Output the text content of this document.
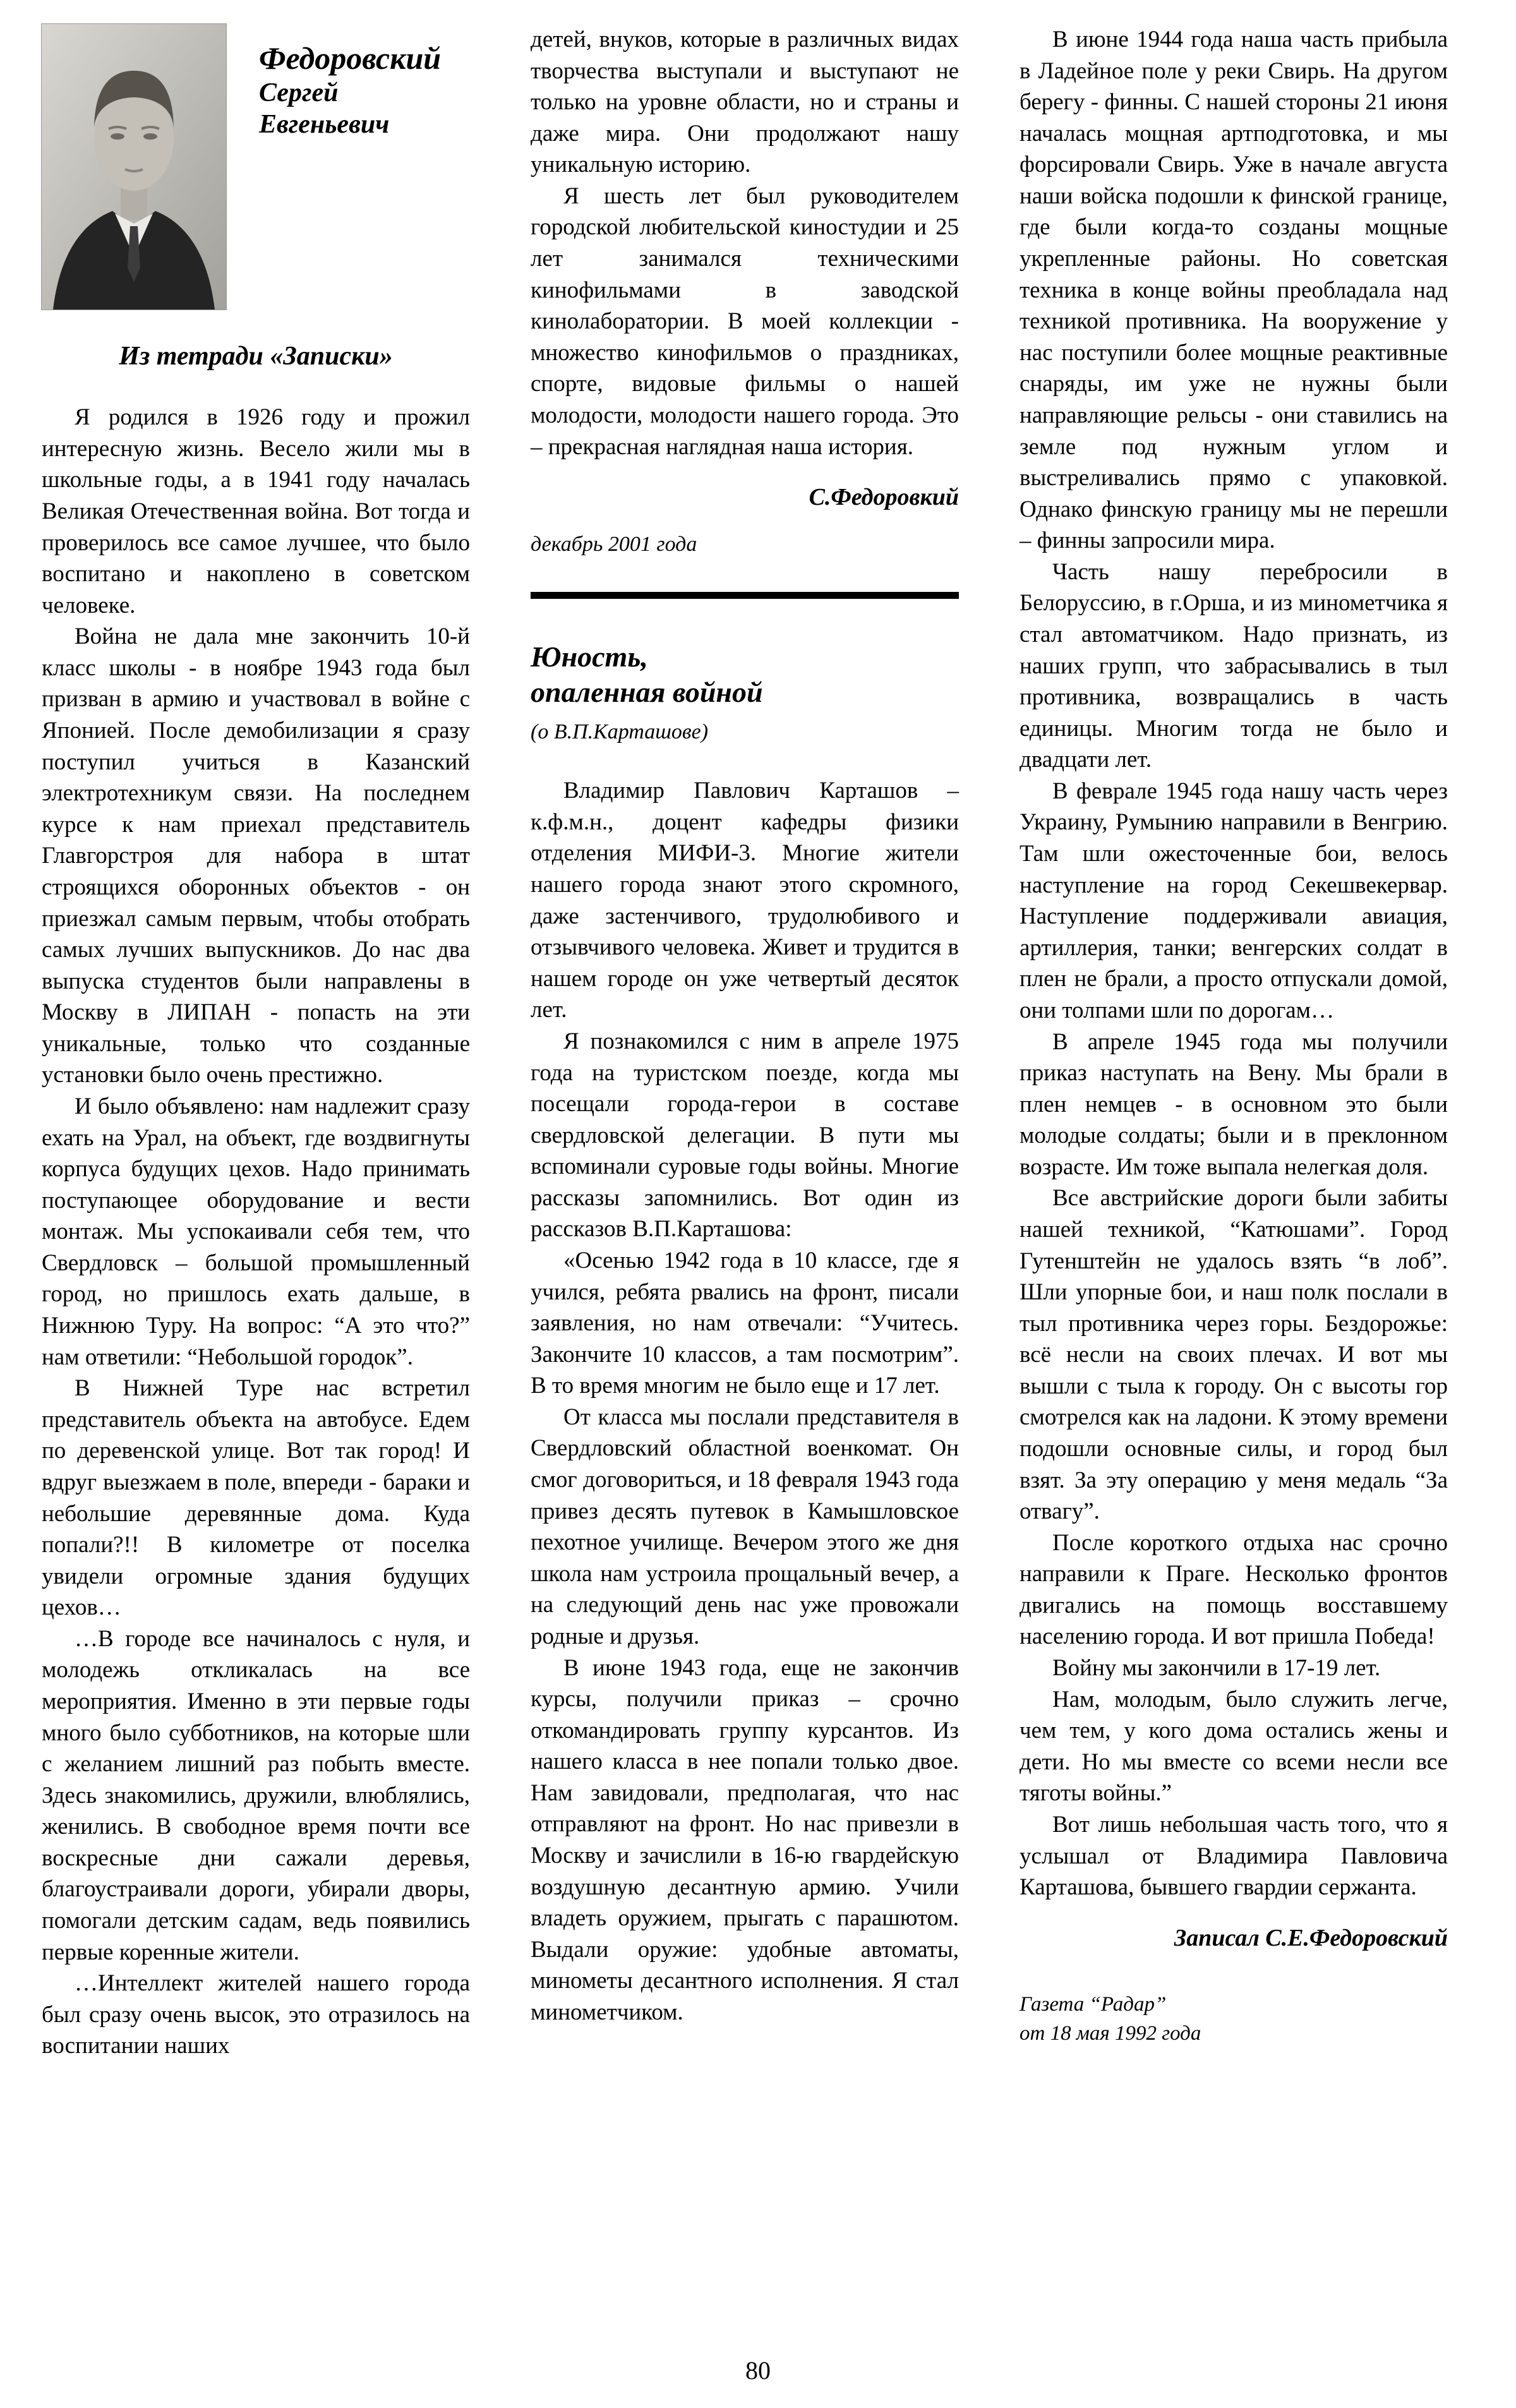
Федоровский
Сергей
Евгеньевич
Из тетради «Записки»

Я родился в 1926 году и прожил интересную жизнь. Весело жили мы в школьные годы, а в 1941 году началась Великая Отечественная война. Вот тогда и проверилось все самое лучшее, что было воспитано и накоплено в советском человеке.

Война не дала мне закончить 10-й класс школы - в ноябре 1943 года был призван в армию и участвовал в войне с Японией. После демобилизации я сразу поступил учиться в Казанский электротехникум связи. На последнем курсе к нам приехал представитель Главгорстроя для набора в штат строящихся оборонных объектов - он приезжал самым первым, чтобы отобрать самых лучших выпускников. До нас два выпуска студентов были направлены в Москву в ЛИПАН - попасть на эти уникальные, только что созданные установки было очень престижно.

И было объявлено: нам надлежит сразу ехать на Урал, на объект, где воздвигнуты корпуса будущих цехов. Надо принимать поступающее оборудование и вести монтаж. Мы успокаивали себя тем, что Свердловск – большой промышленный город, но пришлось ехать дальше, в Нижнюю Туру. На вопрос: “А это что?” нам ответили: “Небольшой городок”.

В Нижней Туре нас встретил представитель объекта на автобусе. Едем по деревенской улице. Вот так город! И вдруг выезжаем в поле, впереди - бараки и небольшие деревянные дома. Куда попали?!! В километре от поселка увидели огромные здания будущих цехов…

…В городе все начиналось с нуля, и молодежь откликалась на все мероприятия. Именно в эти первые годы много было субботников, на которые шли с желанием лишний раз побыть вместе. Здесь знакомились, дружили, влюблялись, женились. В свободное время почти все воскресные дни сажали деревья, благоустраивали дороги, убирали дворы, помогали детским садам, ведь появились первые коренные жители.

…Интеллект жителей нашего города был сразу очень высок, это отразилось на воспитании наших

детей, внуков, которые в различных видах творчества выступали и выступают не только на уровне области, но и страны и даже мира. Они продолжают нашу уникальную историю.

Я шесть лет был руководителем городской любительской киностудии и 25 лет занимался техническими кинофильмами в заводской кинолаборатории. В моей коллекции - множество кинофильмов о праздниках, спорте, видовые фильмы о нашей молодости, молодости нашего города. Это – прекрасная наглядная наша история.

С.Федоровкий
декабрь 2001 года
Юность,
опаленная войной
(о В.П.Карташове)

Владимир Павлович Карташов – к.ф.м.н., доцент кафедры физики отделения МИФИ-3. Многие жители нашего города знают этого скромного, даже застенчивого, трудолюбивого и отзывчивого человека. Живет и трудится в нашем городе он уже четвертый десяток лет.

Я познакомился с ним в апреле 1975 года на туристском поезде, когда мы посещали города-герои в составе свердловской делегации. В пути мы вспоминали суровые годы войны. Многие рассказы запомнились. Вот один из рассказов В.П.Карташова:

«Осенью 1942 года в 10 классе, где я учился, ребята рвались на фронт, писали заявления, но нам отвечали: “Учитесь. Закончите 10 классов, а там посмотрим”. В то время многим не было еще и 17 лет.

От класса мы послали представителя в Свердловский областной военкомат. Он смог договориться, и 18 февраля 1943 года привез десять путевок в Камышловское пехотное училище. Вечером этого же дня школа нам устроила прощальный вечер, а на следующий день нас уже провожали родные и друзья.

В июне 1943 года, еще не закончив курсы, получили приказ – срочно откомандировать группу курсантов. Из нашего класса в нее попали только двое. Нам завидовали, предполагая, что нас отправляют на фронт. Но нас привезли в Москву и зачислили в 16-ю гвардейскую воздушную десантную армию. Учили владеть оружием, прыгать с парашютом. Выдали оружие: удобные автоматы, минометы десантного исполнения. Я стал минометчиком.

В июне 1944 года наша часть прибыла в Ладейное поле у реки Свирь. На другом берегу - финны. С нашей стороны 21 июня началась мощная артподготовка, и мы форсировали Свирь. Уже в начале августа наши войска подошли к финской границе, где были когда-то созданы мощные укрепленные районы. Но советская техника в конце войны преобладала над техникой противника. На вооружение у нас поступили более мощные реактивные снаряды, им уже не нужны были направляющие рельсы - они ставились на земле под нужным углом и выстреливались прямо с упаковкой. Однако финскую границу мы не перешли – финны запросили мира.

Часть нашу перебросили в Белоруссию, в г.Орша, и из минометчика я стал автоматчиком. Надо признать, из наших групп, что забрасывались в тыл противника, возвращались в часть единицы. Многим тогда не было и двадцати лет.

В феврале 1945 года нашу часть через Украину, Румынию направили в Венгрию. Там шли ожесточенные бои, велось наступление на город Секешвекервар. Наступление поддерживали авиация, артиллерия, танки; венгерских солдат в плен не брали, а просто отпускали домой, они толпами шли по дорогам…

В апреле 1945 года мы получили приказ наступать на Вену. Мы брали в плен немцев - в основном это были молодые солдаты; были и в преклонном возрасте. Им тоже выпала нелегкая доля.

Все австрийские дороги были забиты нашей техникой, “Катюшами”. Город Гутенштейн не удалось взять “в лоб”. Шли упорные бои, и наш полк послали в тыл противника через горы. Бездорожье: всё несли на своих плечах. И вот мы вышли с тыла к городу. Он с высоты гор смотрелся как на ладони. К этому времени подошли основные силы, и город был взят. За эту операцию у меня медаль “За отвагу”.

После короткого отдыха нас срочно направили к Праге. Несколько фронтов двигались на помощь восставшему населению города. И вот пришла Победа!

Войну мы закончили в 17-19 лет.

Нам, молодым, было служить легче, чем тем, у кого дома остались жены и дети. Но мы вместе со всеми несли все тяготы войны.”

Вот лишь небольшая часть того, что я услышал от Владимира Павловича Карташова, бывшего гвардии сержанта.

Записал С.Е.Федоровский
Газета “Радар”
от 18 мая 1992 года
80
